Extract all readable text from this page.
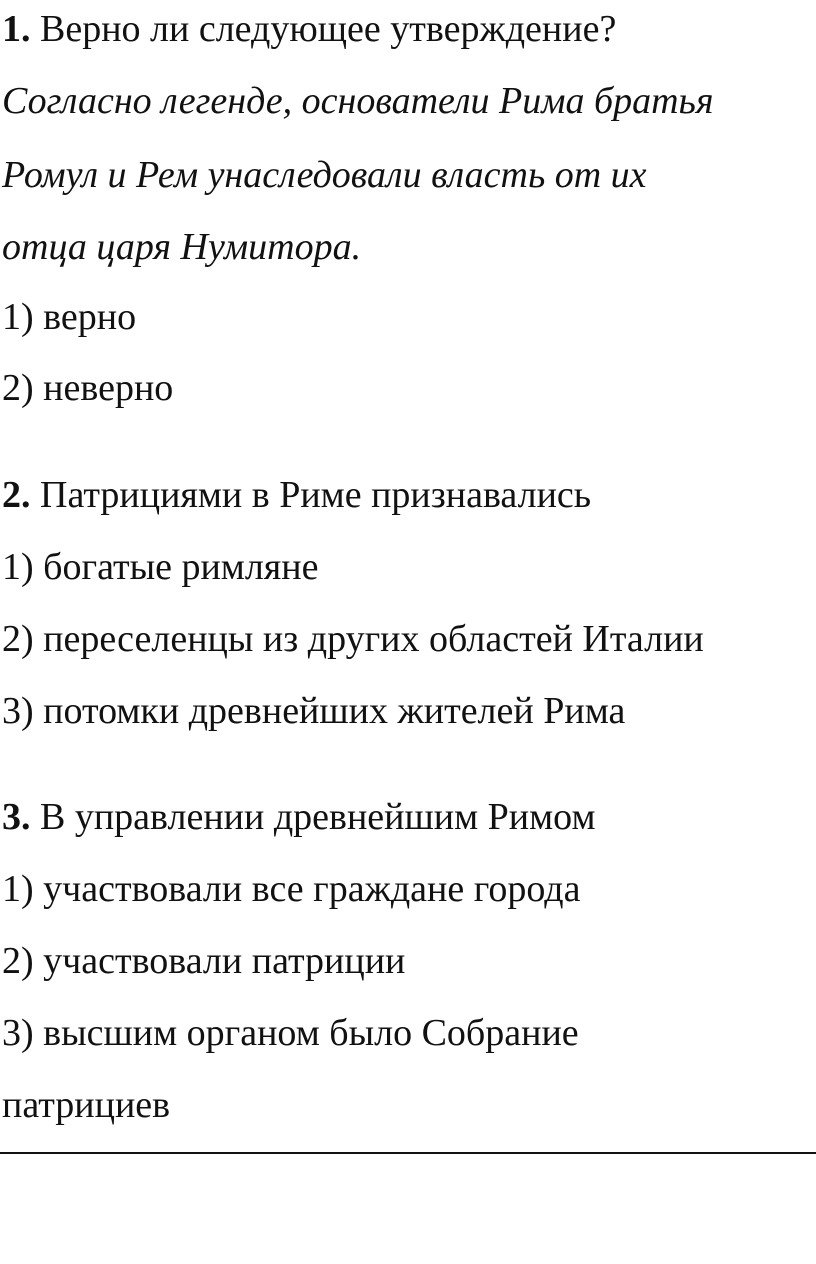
1. Верно ли следующее утверждение?
Согласно легенде, основатели Рима братья
Ромул и Рем унаследовали власть от их
отца царя Нумитора.
1) верно
2) неверно
2. Патрициями в Риме признавались
1) богатые римляне
2) переселенцы из других областей Италии
3) потомки древнейших жителей Рима
3. В управлении древнейшим Римом
1) участвовали все граждане города
2) участвовали патриции
3) высшим органом было Собрание
патрициев
